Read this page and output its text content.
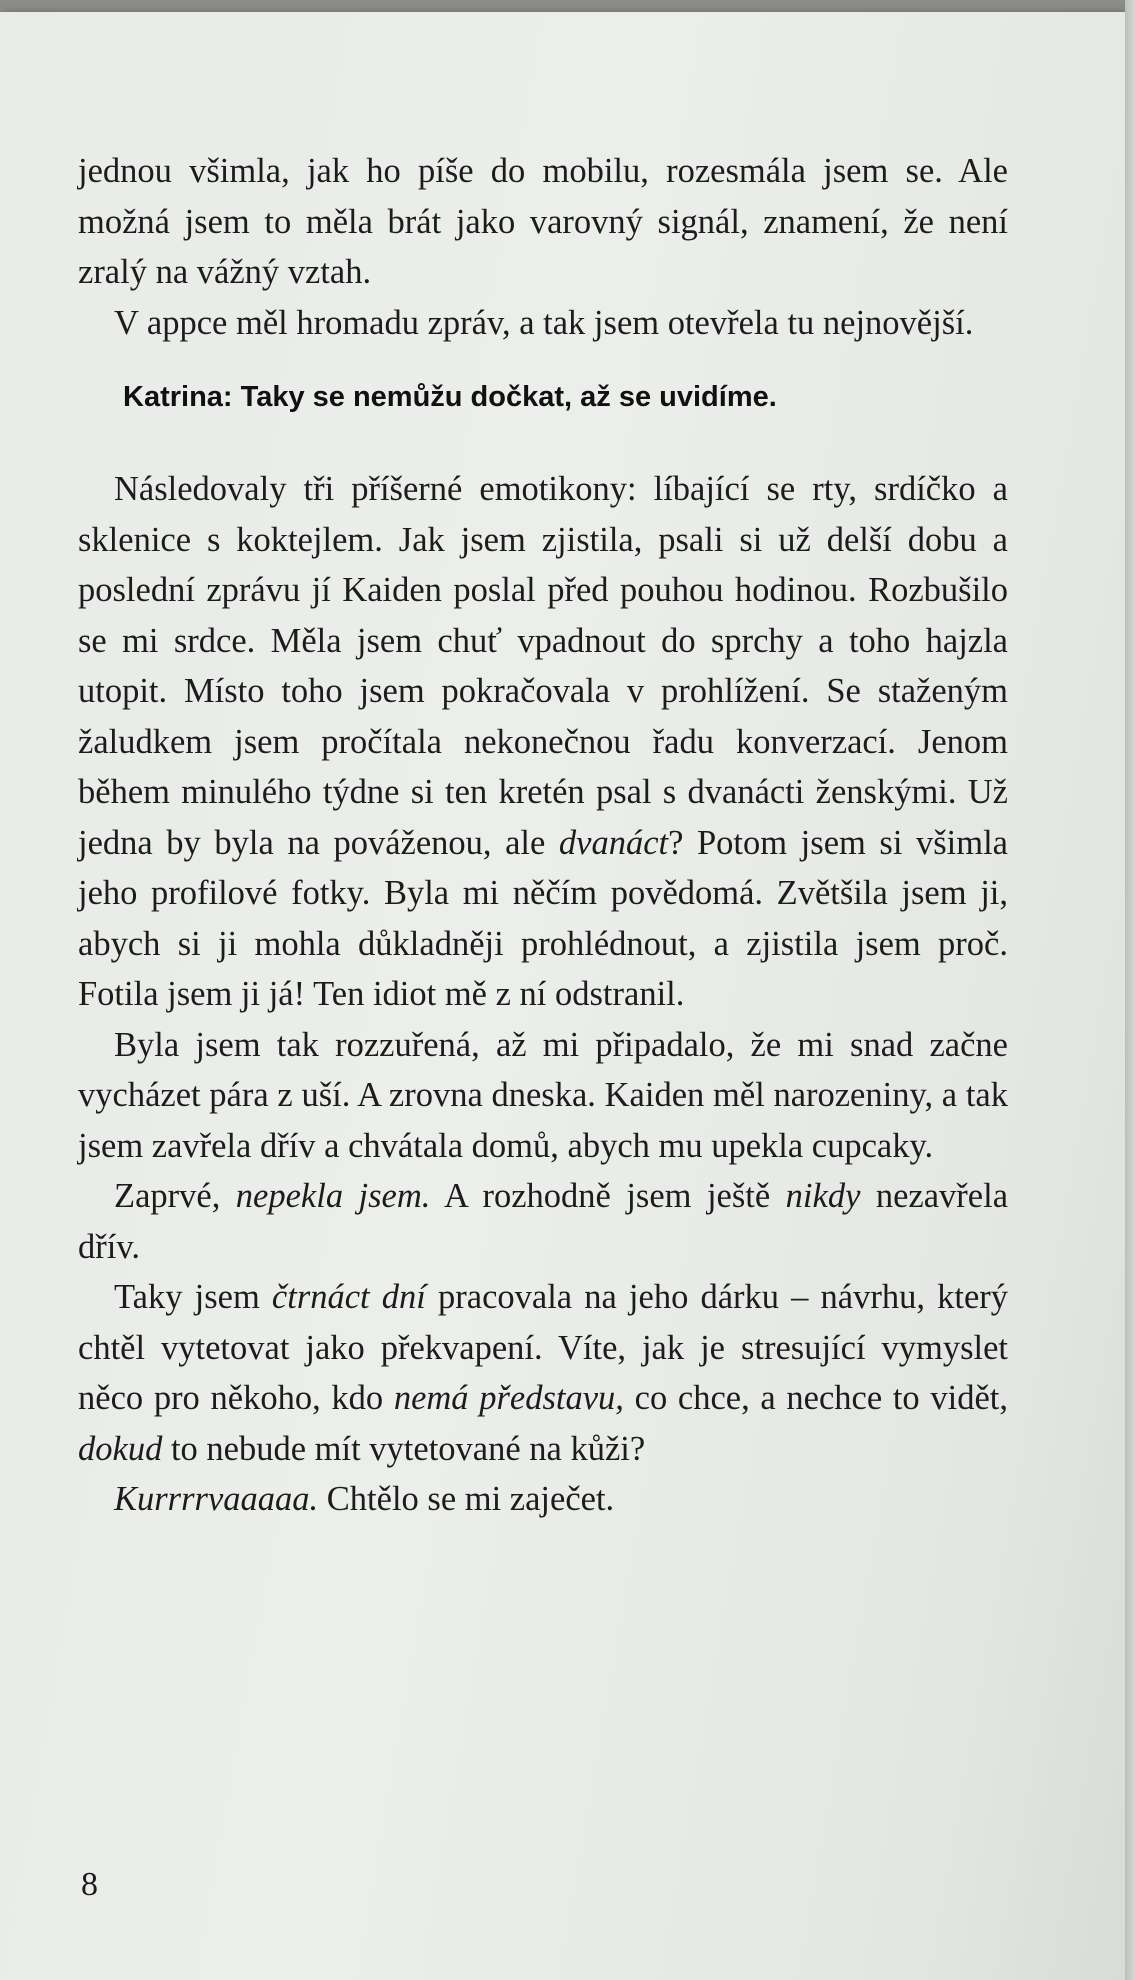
jednou všimla, jak ho píše do mobilu, rozesmála jsem se. Ale možná jsem to měla brát jako varovný signál, znamení, že není zralý na vážný vztah.

V appce měl hromadu zpráv, a tak jsem otevřela tu nejnovější.

Katrina: Taky se nemůžu dočkat, až se uvidíme.

Následovaly tři příšerné emotikony: líbající se rty, srdíčko a sklenice s koktejlem. Jak jsem zjistila, psali si už delší dobu a poslední zprávu jí Kaiden poslal před pouhou hodinou. Rozbušilo se mi srdce. Měla jsem chuť vpadnout do sprchy a toho hajzla utopit. Místo toho jsem pokračovala v prohlížení. Se staženým žaludkem jsem pročítala nekonečnou řadu konverzací. Jenom během minulého týdne si ten kretén psal s dvanácti ženskými. Už jedna by byla na pováženou, ale dvanáct? Potom jsem si všimla jeho profilové fotky. Byla mi něčím povědomá. Zvětšila jsem ji, abych si ji mohla důkladněji prohlédnout, a zjistila jsem proč. Fotila jsem ji já! Ten idiot mě z ní odstranil.

Byla jsem tak rozzuřená, až mi připadalo, že mi snad začne vycházet pára z uší. A zrovna dneska. Kaiden měl narozeniny, a tak jsem zavřela dřív a chvátala domů, abych mu upekla cupcaky.

Zaprvé, nepekla jsem. A rozhodně jsem ještě nikdy nezavřela dřív.

Taky jsem čtrnáct dní pracovala na jeho dárku – návrhu, který chtěl vytetovat jako překvapení. Víte, jak je stresující vymyslet něco pro někoho, kdo nemá představu, co chce, a nechce to vidět, dokud to nebude mít vytetované na kůži?

Kurrrrvaaaaa. Chtělo se mi zaječet.

8
